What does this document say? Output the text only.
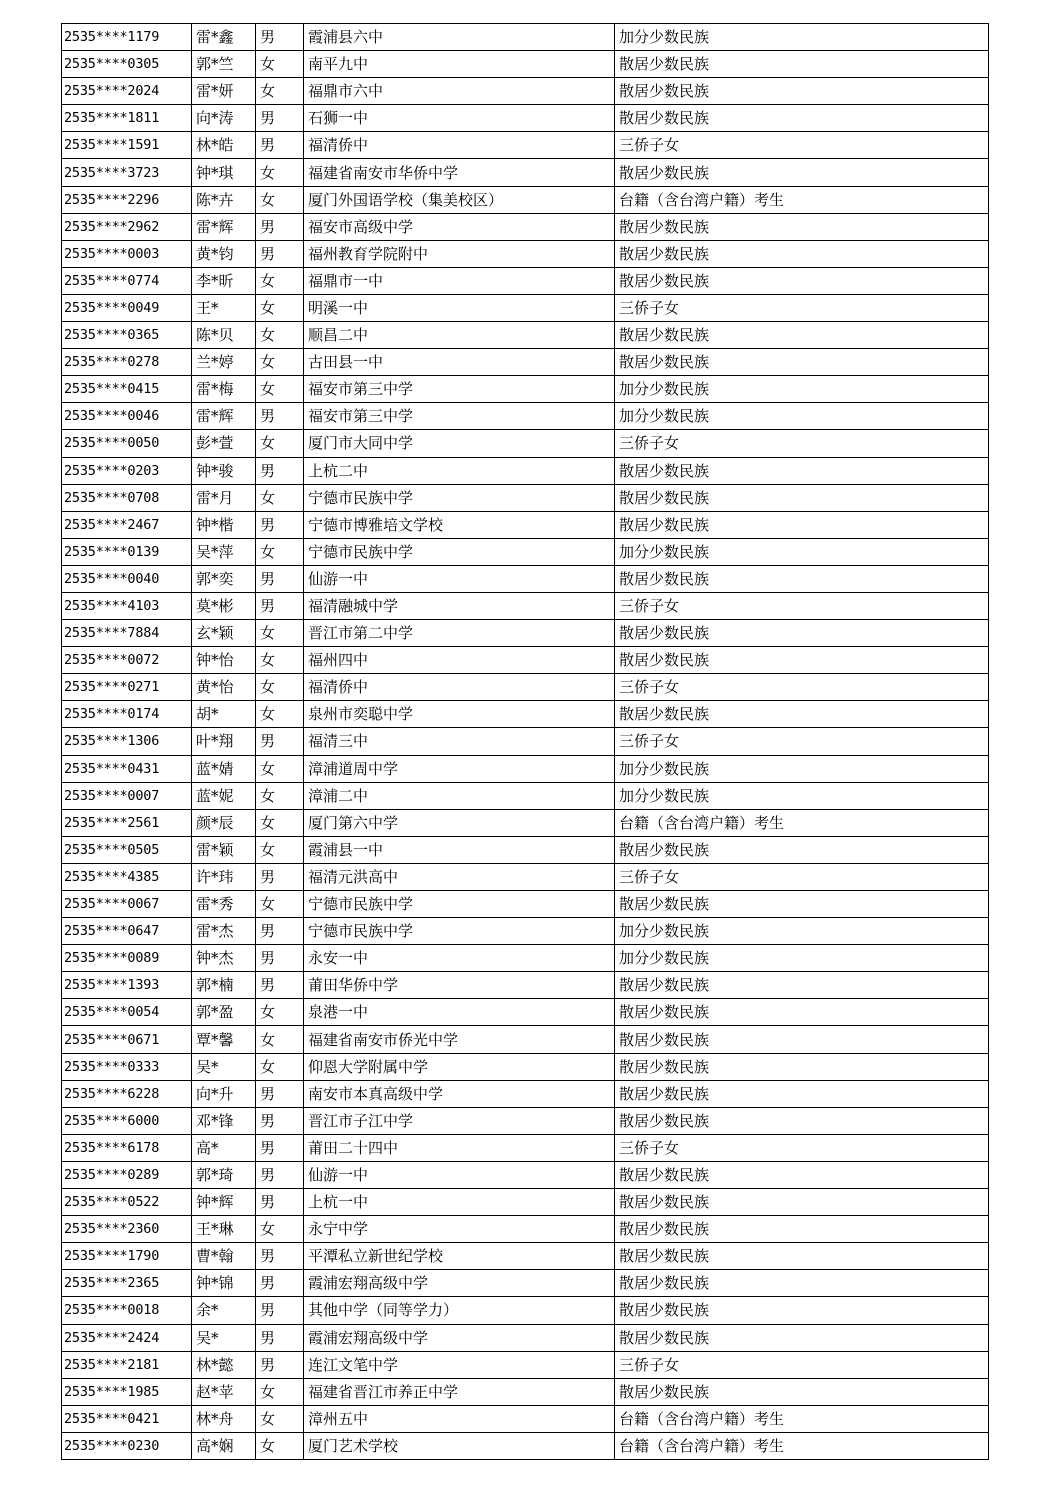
2535****1179	雷*鑫	男	霞浦县六中	加分少数民族
2535****0305	郭*竺	女	南平九中	散居少数民族
2535****2024	雷*妍	女	福鼎市六中	散居少数民族
2535****1811	向*涛	男	石狮一中	散居少数民族
2535****1591	林*皓	男	福清侨中	三侨子女
2535****3723	钟*琪	女	福建省南安市华侨中学	散居少数民族
2535****2296	陈*卉	女	厦门外国语学校（集美校区）	台籍（含台湾户籍）考生
2535****2962	雷*辉	男	福安市高级中学	散居少数民族
2535****0003	黄*钧	男	福州教育学院附中	散居少数民族
2535****0774	李*昕	女	福鼎市一中	散居少数民族
2535****0049	王*	女	明溪一中	三侨子女
2535****0365	陈*贝	女	顺昌二中	散居少数民族
2535****0278	兰*婷	女	古田县一中	散居少数民族
2535****0415	雷*梅	女	福安市第三中学	加分少数民族
2535****0046	雷*辉	男	福安市第三中学	加分少数民族
2535****0050	彭*萱	女	厦门市大同中学	三侨子女
2535****0203	钟*骏	男	上杭二中	散居少数民族
2535****0708	雷*月	女	宁德市民族中学	散居少数民族
2535****2467	钟*楷	男	宁德市博雅培文学校	散居少数民族
2535****0139	吴*萍	女	宁德市民族中学	加分少数民族
2535****0040	郭*奕	男	仙游一中	散居少数民族
2535****4103	莫*彬	男	福清融城中学	三侨子女
2535****7884	玄*颖	女	晋江市第二中学	散居少数民族
2535****0072	钟*怡	女	福州四中	散居少数民族
2535****0271	黄*怡	女	福清侨中	三侨子女
2535****0174	胡*	女	泉州市奕聪中学	散居少数民族
2535****1306	叶*翔	男	福清三中	三侨子女
2535****0431	蓝*婧	女	漳浦道周中学	加分少数民族
2535****0007	蓝*妮	女	漳浦二中	加分少数民族
2535****2561	颜*辰	女	厦门第六中学	台籍（含台湾户籍）考生
2535****0505	雷*颖	女	霞浦县一中	散居少数民族
2535****4385	许*玮	男	福清元洪高中	三侨子女
2535****0067	雷*秀	女	宁德市民族中学	散居少数民族
2535****0647	雷*杰	男	宁德市民族中学	加分少数民族
2535****0089	钟*杰	男	永安一中	加分少数民族
2535****1393	郭*楠	男	莆田华侨中学	散居少数民族
2535****0054	郭*盈	女	泉港一中	散居少数民族
2535****0671	覃*馨	女	福建省南安市侨光中学	散居少数民族
2535****0333	吴*	女	仰恩大学附属中学	散居少数民族
2535****6228	向*升	男	南安市本真高级中学	散居少数民族
2535****6000	邓*锋	男	晋江市子江中学	散居少数民族
2535****6178	高*	男	莆田二十四中	三侨子女
2535****0289	郭*琦	男	仙游一中	散居少数民族
2535****0522	钟*辉	男	上杭一中	散居少数民族
2535****2360	王*琳	女	永宁中学	散居少数民族
2535****1790	曹*翰	男	平潭私立新世纪学校	散居少数民族
2535****2365	钟*锦	男	霞浦宏翔高级中学	散居少数民族
2535****0018	余*	男	其他中学（同等学力）	散居少数民族
2535****2424	吴*	男	霞浦宏翔高级中学	散居少数民族
2535****2181	林*懿	男	连江文笔中学	三侨子女
2535****1985	赵*苹	女	福建省晋江市养正中学	散居少数民族
2535****0421	林*舟	女	漳州五中	台籍（含台湾户籍）考生
2535****0230	高*娴	女	厦门艺术学校	台籍（含台湾户籍）考生
